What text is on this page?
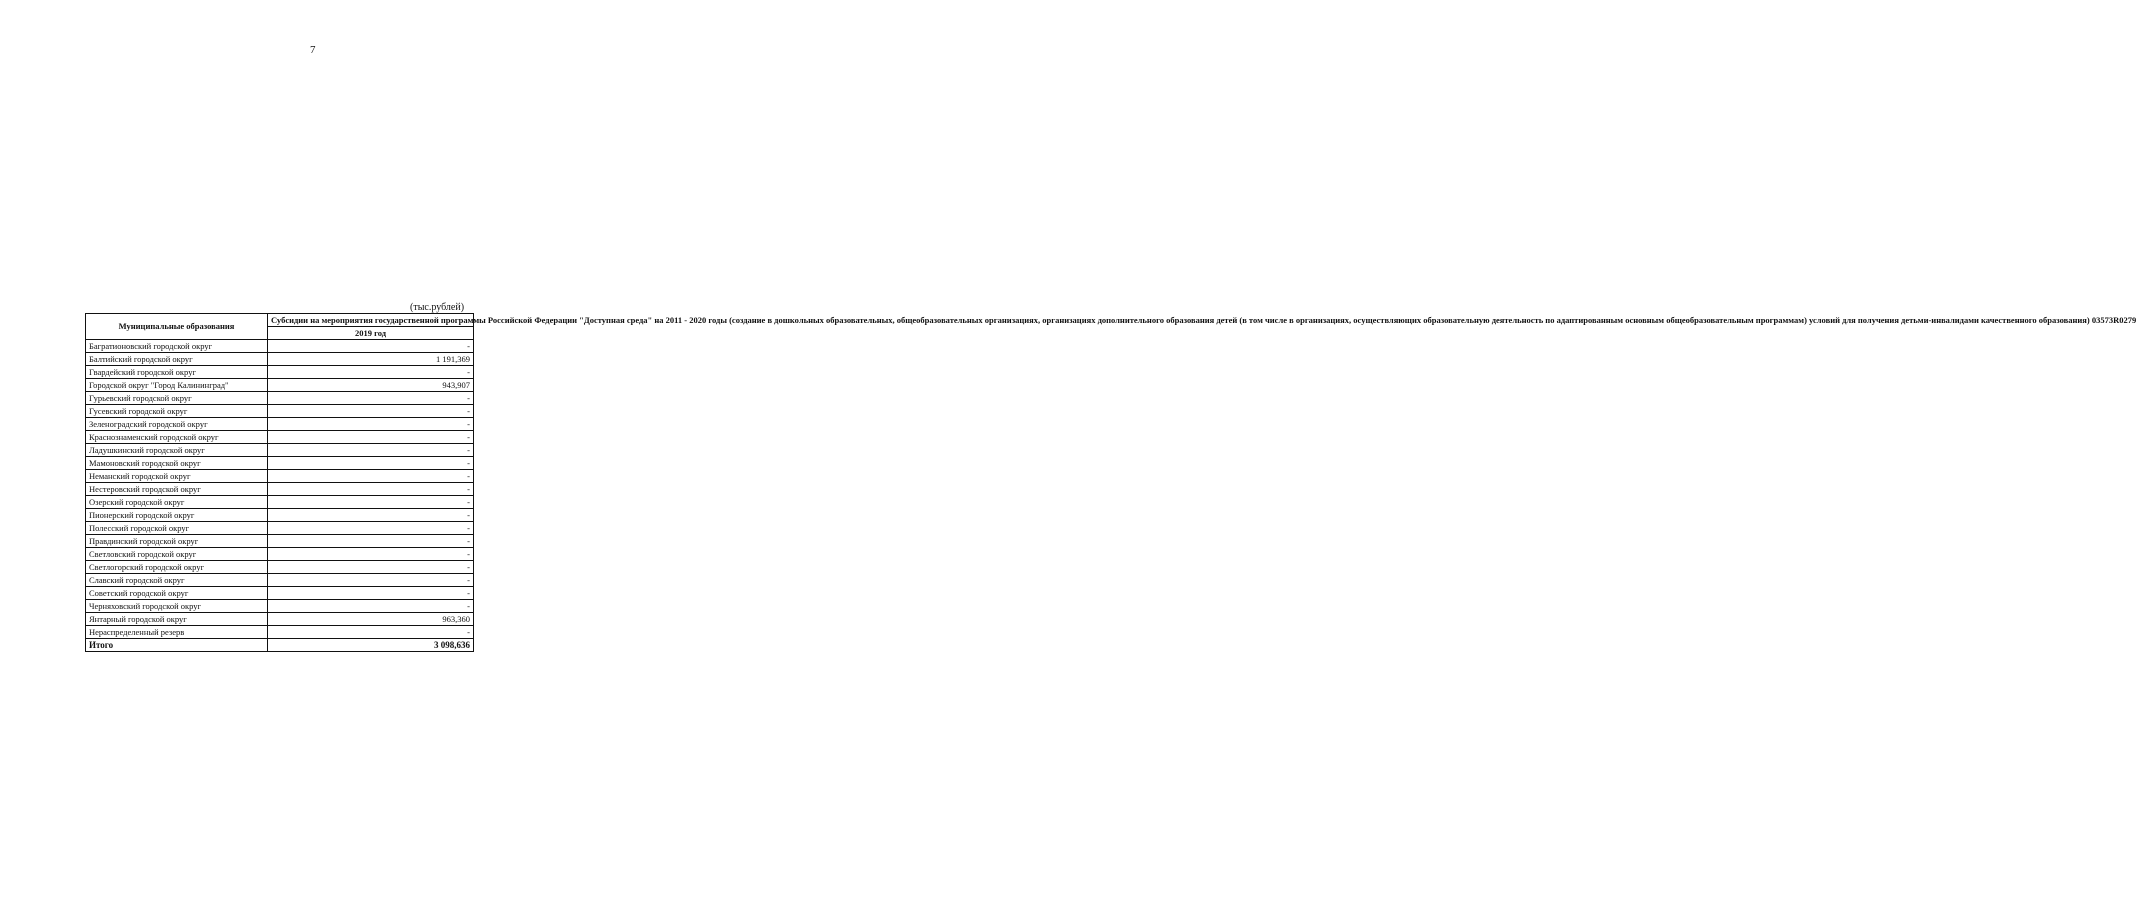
7
(тыс.рублей)
Муниципальные образования	Субсидии на мероприятия государственной программы Российской Федерации "Доступная среда" на 2011 - 2020 годы (создание в дошкольных образовательных, общеобразовательных организациях, организациях дополнительного образования детей (в том числе в организациях, осуществляющих образовательную деятельность по адаптированным основным общеобразовательным программам) условий для получения детьми-инвалидами качественного образования) 03573R0279
	2019 год
Багратионовский городской округ	-
Балтийский городской округ	1 191,369
Гвардейский городской округ	-
Городской округ "Город Калининград"	943,907
Гурьевский городской округ	-
Гусевский городской округ	-
Зеленоградский городской округ	-
Краснознаменский городской округ	-
Ладушкинский городской округ	-
Мамоновский городской округ	-
Неманский городской округ	-
Нестеровский городской округ	-
Озерский городской округ	-
Пионерский городской округ	-
Полесский городской округ	-
Правдинский городской округ	-
Светловский городской округ	-
Светлогорский городской округ	-
Славский городской округ	-
Советский городской округ	-
Черняховский городской округ	-
Янтарный городской округ	963,360
Нераспределенный резерв	-
Итого	3 098,636
